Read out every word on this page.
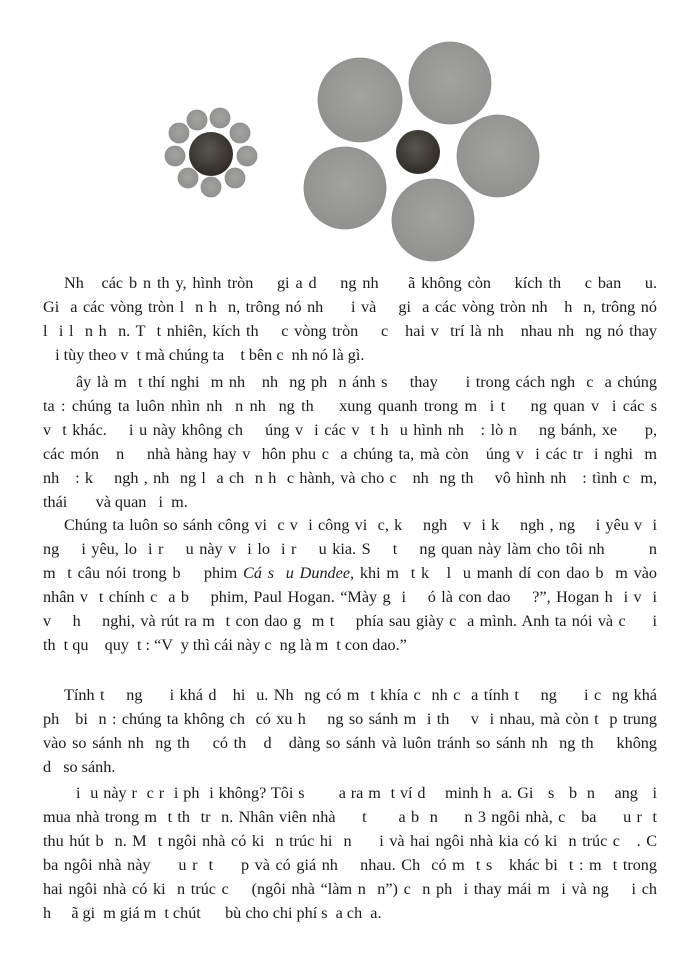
Nh   các b n th y, hình tròn    gi a d    ng nh     ã không còn    kích th    c ban    u.
Gi  a các vòng tròn l  n h  n, trông nó nh     i và    gi  a các vòng tròn nh   h  n, trông nó
l  i l  n h  n. T  t nhiên, kích th    c vòng tròn    c   hai v  trí là nh   nhau nh  ng nó thay
i tùy theo v  t mà chúng ta    t bên c  nh nó là gì.
ây là m  t thí nghi  m nh   nh  ng ph  n ánh s    thay     i trong cách ngh  c  a chúng
ta : chúng ta luôn nhìn nh  n nh  ng th    xung quanh trong m  i t    ng quan v  i các s
v  t khác.    i u này không ch    úng v  i các v  t h  u hình nh   : lò n    ng bánh, xe     p,
các món   n    nhà hàng hay v  hôn phu c  a chúng ta, mà còn   úng v  i các tr  i nghi  m
nh   : k    ngh , nh  ng l  a ch  n h  c hành, và cho c   nh  ng th    vô hình nh   : tình c  m,
thái       và quan   i  m.
Chúng ta luôn so sánh công vi  c v  i công vi  c, k    ngh   v  i k    ngh , ng    i yêu v  i
ng    i yêu, lo  i r    u này v  i lo  i r    u kia. S    t    ng quan này làm cho tôi nh        n
m  t câu nói trong b    phim Cá s  u Dundee, khi m  t k   l  u manh dí con dao b  m vào
nhân v  t chính c  a b    phim, Paul Hogan. “Mày g  i    ó là con dao    ?”, Hogan h  i v  i
v    h    nghi, và rút ra m  t con dao g  m t    phía sau giày c  a mình. Anh ta nói và c     i
th  t qu    quy  t : “V  y thì cái này c  ng là m  t con dao.”
Tính t    ng     i khá d   hi  u. Nh  ng có m  t khía c  nh c  a tính t    ng     i c  ng khá
ph   bi  n : chúng ta không ch  có xu h    ng so sánh m  i th    v  i nhau, mà còn t  p trung
vào so sánh nh  ng th    có th   d   dàng so sánh và luôn tránh so sánh nh  ng th    không
d   so sánh.
i  u này r  c r  i ph  i không? Tôi s       a ra m  t ví d    minh h  a. Gi   s   b  n    ang   i
mua nhà trong m  t th  tr  n. Nhân viên nhà     t      a b  n     n 3 ngôi nhà, c   ba     u r  t
thu hút b  n. M  t ngôi nhà có ki  n trúc hi  n     i và hai ngôi nhà kia có ki  n trúc c   . C
ba ngôi nhà này     u r  t     p và có giá nh    nhau. Ch  có m  t s   khác bi  t : m  t trong
hai ngôi nhà có ki  n trúc c    (ngôi nhà “làm n  n”) c  n ph  i thay mái m  i và ng    i ch
h     ã gi  m giá m  t chút      bù cho chi phí s  a ch  a.
